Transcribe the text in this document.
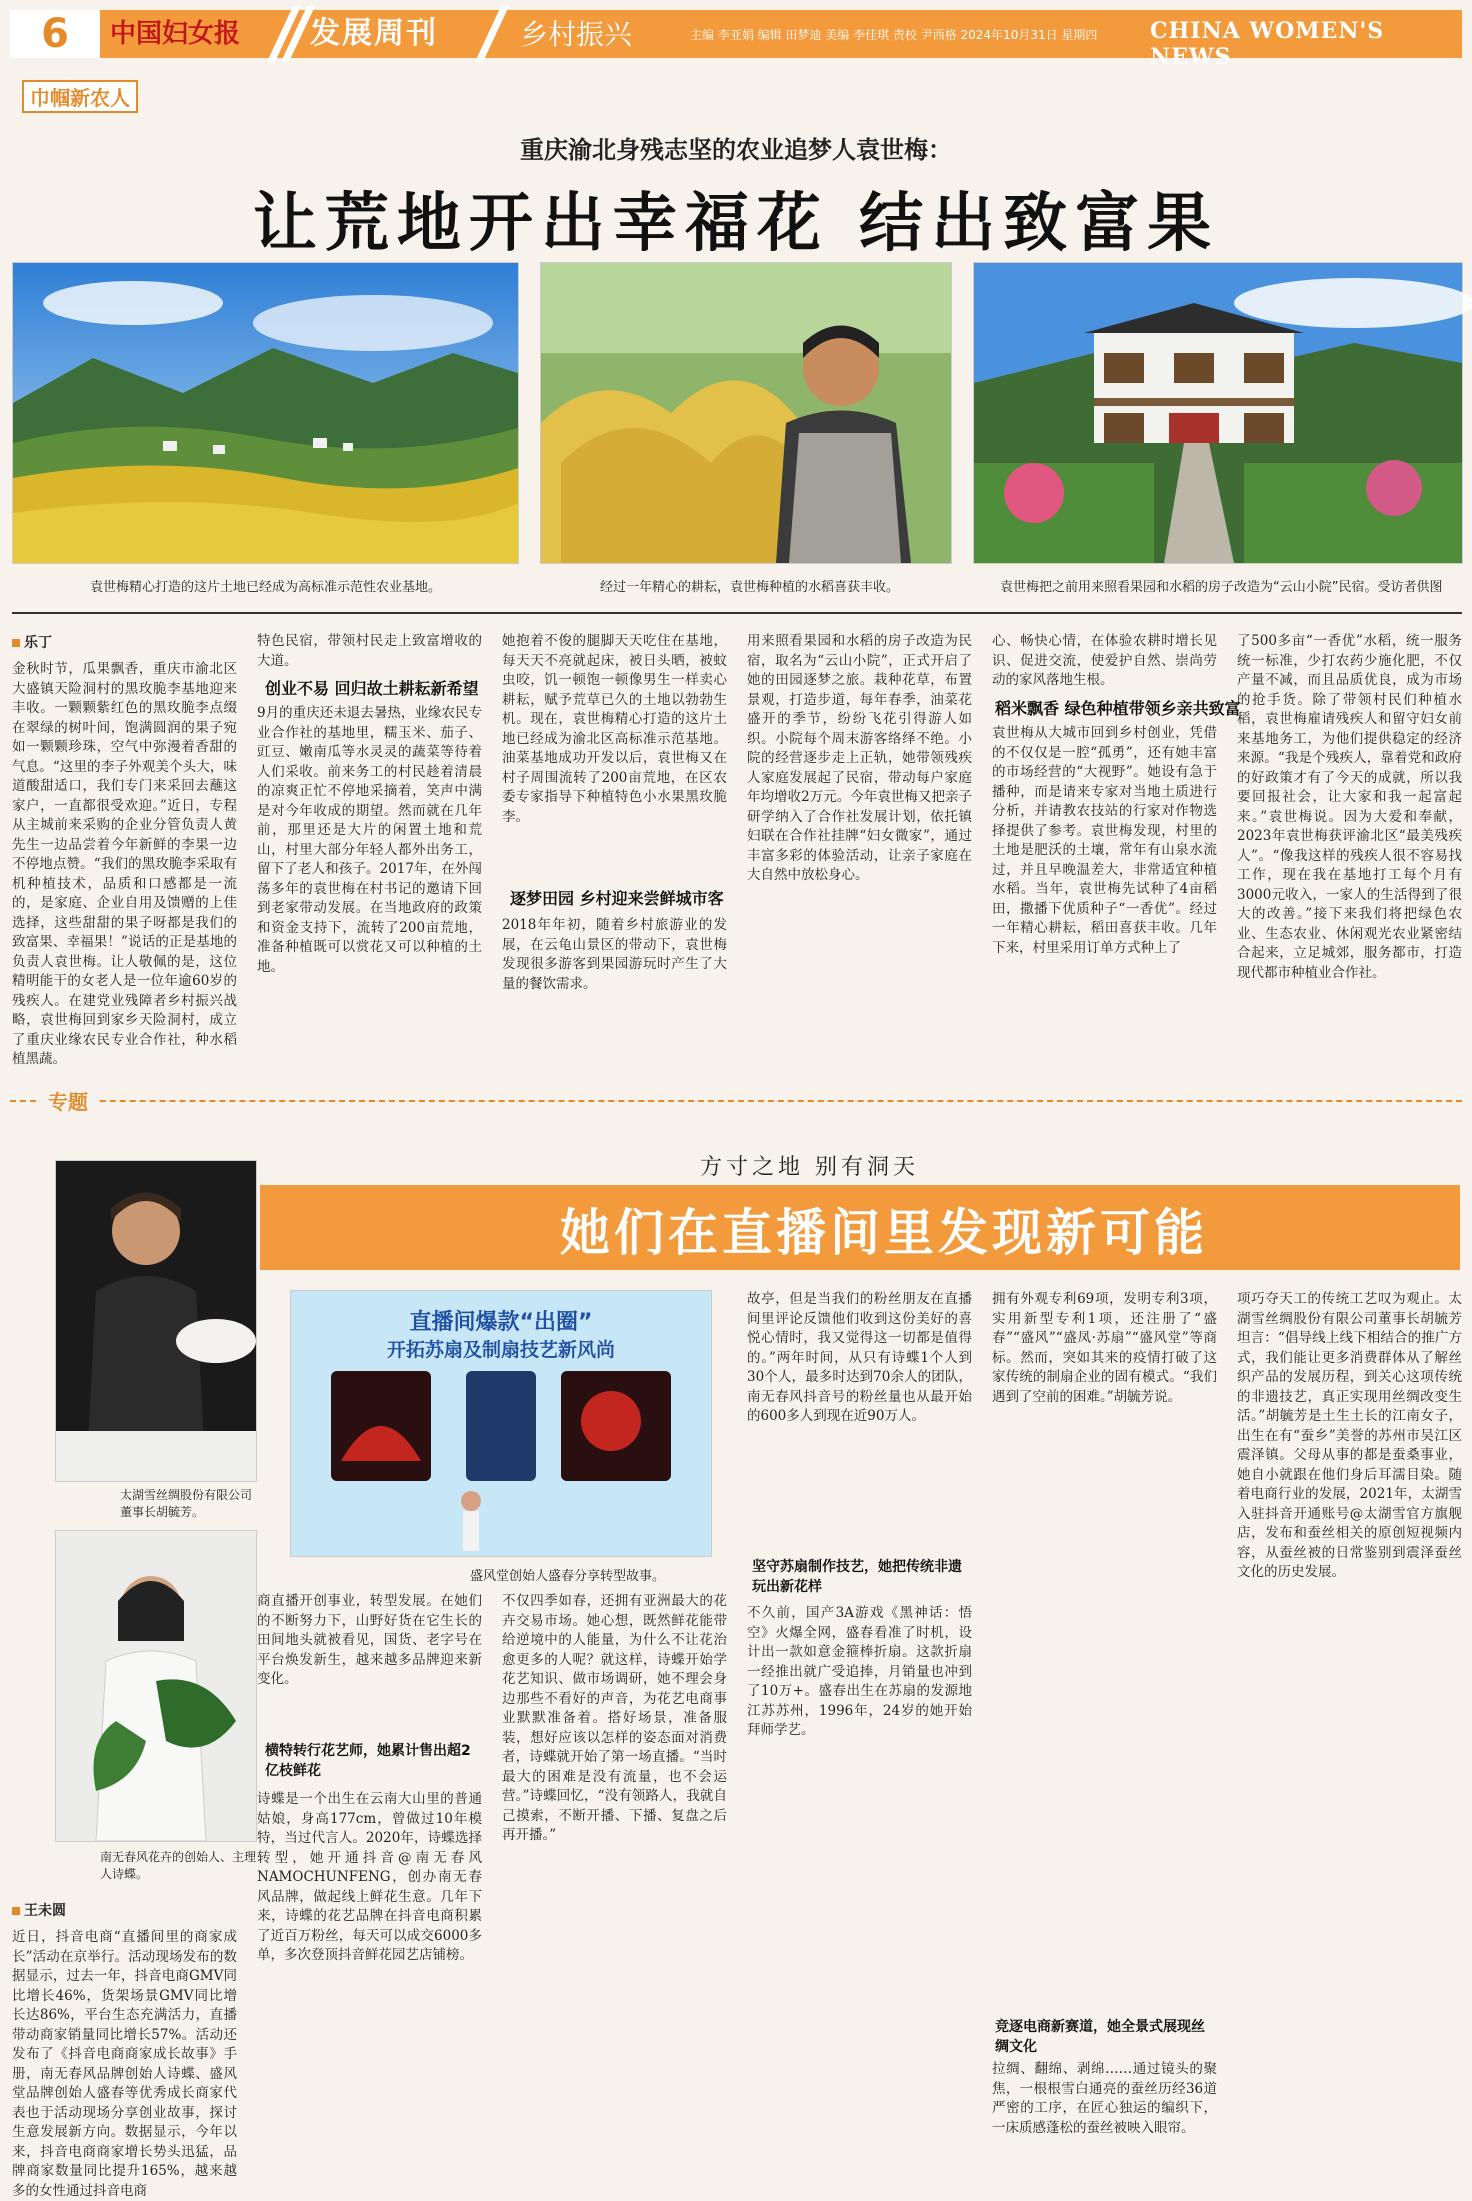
6	中国妇女报 发展周刊	乡村振兴	主编 李亚娟 编辑 田梦迪 美编 李佳琪 责校 尹西格 2024年10月31日 星期四 CHINA WOMEN'S NEWS
巾帼新农人
重庆渝北身残志坚的农业追梦人袁世梅：
让荒地开出幸福花 结出致富果
袁世梅精心打造的这片土地已经成为高标准示范性农业基地。	经过一年精心的耕耘，袁世梅种植的水稻喜获丰收。	袁世梅把之前用来照看果园和水稻的房子改造为“云山小院”民宿。受访者供图
乐丁
金秋时节，瓜果飘香，重庆市渝北区大盛镇天险洞村的黑玫脆李基地迎来丰收。一颗颗紫红色的黑玫脆李点缀在翠绿的树叶间，饱满圆润的果子宛如一颗颗珍珠，空气中弥漫着香甜的气息。“这里的李子外观美个头大，味道酸甜适口，我们专门来采回去蘸这家户，一直都很受欢迎。”近日，专程从主城前来采购的企业分管负责人黄先生一边品尝着今年新鲜的李果一边不停地点赞。“我们的黑玫脆李采取有机种植技术，品质和口感都是一流的，是家庭、企业自用及馈赠的上佳选择，这些甜甜的果子呀都是我们的致富果、幸福果！”说话的正是基地的负责人袁世梅。让人敬佩的是，这位精明能干的女老人是一位年逾60岁的残疾人。在建党业残障者乡村振兴战略，袁世梅回到家乡天险洞村，成立了重庆业缘农民专业合作社，种水稻植黑蔬。
特色民宿，带领村民走上致富增收的大道。
创业不易 回归故土耕耘新希望
9月的重庆还未退去暑热，业缘农民专业合作社的基地里，糯玉米、茄子、豇豆、嫩南瓜等水灵灵的蔬菜等待着人们采收。前来务工的村民趁着清晨的凉爽正忙不停地采摘着，笑声中满是对今年收成的期望。然而就在几年前，那里还是大片的闲置土地和荒山，村里大部分年轻人都外出务工，留下了老人和孩子。2017年，在外闯荡多年的袁世梅在村书记的邀请下回到老家带动发展。在当地政府的政策和资金支持下，流转了200亩荒地，准备种植既可以赏花又可以种植的土地。
她抱着不俊的腿脚天天吃住在基地，每天天不亮就起床，被日头晒，被蚊虫咬，饥一顿饱一顿像男生一样卖心耕耘，赋予荒草已久的土地以勃勃生机。现在，袁世梅精心打造的这片土地已经成为渝北区高标准示范基地。油菜基地成功开发以后，袁世梅又在村子周围流转了200亩荒地，在区农委专家指导下种植特色小水果黑玫脆李。
逐梦田园 乡村迎来尝鲜城市客
2018年年初，随着乡村旅游业的发展，在云龟山景区的带动下，袁世梅发现很多游客到果园游玩时产生了大量的餐饮需求。
用来照看果园和水稻的房子改造为民宿，取名为“云山小院”，正式开启了她的田园逐梦之旅。栽种花草，布置景观，打造步道，每年春季，油菜花盛开的季节，纷纷飞花引得游人如织。小院每个周末游客络绎不绝。小院的经营逐步走上正轨，她带领残疾人家庭发展起了民宿，带动每户家庭年均增收2万元。今年袁世梅又把亲子研学纳入了合作社发展计划，依托镇妇联在合作社挂牌“妇女微家”，通过丰富多彩的体验活动，让亲子家庭在大自然中放松身心。
心、畅快心情，在体验农耕时增长见识、促进交流，使爱护自然、崇尚劳动的家风落地生根。
稻米飘香 绿色种植带领乡亲共致富
袁世梅从大城市回到乡村创业，凭借的不仅仅是一腔“孤勇”，还有她丰富的市场经营的“大视野”。她设有急于播种，而是请来专家对当地土质进行分析，并请教农技站的行家对作物选择提供了参考。袁世梅发现，村里的土地是肥沃的土壤，常年有山泉水流过，并且早晚温差大，非常适宜种植水稻。当年，袁世梅先试种了4亩稻田，撒播下优质种子“一香优”。经过一年精心耕耘，稻田喜获丰收。几年下来，村里采用订单方式种上了
了500多亩“一香优”水稻，统一服务统一标准，少打农药少施化肥，不仅产量不减，而且品质优良，成为市场的抢手货。除了带领村民们种植水稻，袁世梅雇请残疾人和留守妇女前来基地务工，为他们提供稳定的经济来源。“我是个残疾人，靠着党和政府的好政策才有了今天的成就，所以我要回报社会，让大家和我一起富起来。”袁世梅说。因为大爱和奉献，2023年袁世梅获评渝北区“最美残疾人”。“像我这样的残疾人很不容易找工作，现在我在基地打工每个月有3000元收入，一家人的生活得到了很大的改善。”接下来我们将把绿色农业、生态农业、休闲观光农业紧密结合起来，立足城郊，服务都市，打造现代都市种植业合作社。
专题
方寸之地 别有洞天
她们在直播间里发现新可能
太湖雪丝绸股份有限公司董事长胡毓芳。
南无春风花卉的创始人、主理人诗蝶。
直播间爆款“出圈”
开拓苏扇及制扇技艺新风尚
盛风堂创始人盛春分享转型故事。
王未圆
近日，抖音电商“直播间里的商家成长”活动在京举行。活动现场发布的数据显示，过去一年，抖音电商GMV同比增长46%，货架场景GMV同比增长达86%，平台生态充满活力，直播带动商家销量同比增长57%。活动还发布了《抖音电商商家成长故事》手册，南无春风品牌创始人诗蝶、盛风堂品牌创始人盛春等优秀成长商家代表也于活动现场分享创业故事，探讨生意发展新方向。数据显示，今年以来，抖音电商商家增长势头迅猛，品牌商家数量同比提升165%，越来越多的女性通过抖音电商
商直播开创事业，转型发展。在她们的不断努力下，山野好货在它生长的田间地头就被看见，国货、老字号在平台焕发新生，越来越多品牌迎来新变化。
横特转行花艺师，她累计售出超2亿枝鲜花
诗蝶是一个出生在云南大山里的普通姑娘，身高177cm，曾做过10年模特，当过代言人。2020年，诗蝶选择转型，她开通抖音@南无春风NAMOCHUNFENG，创办南无春风品牌，做起线上鲜花生意。几年下来，诗蝶的花艺品牌在抖音电商积累了近百万粉丝，每天可以成交6000多单，多次登顶抖音鲜花园艺店铺榜。
不仅四季如春，还拥有亚洲最大的花卉交易市场。她心想，既然鲜花能带给逆境中的人能量，为什么不让花治愈更多的人呢？就这样，诗蝶开始学花艺知识、做市场调研，她不理会身边那些不看好的声音，为花艺电商事业默默准备着。搭好场景，准备服装，想好应该以怎样的姿态面对消费者，诗蝶就开始了第一场直播。“当时最大的困难是没有流量，也不会运营。”诗蝶回忆，“没有领路人，我就自己摸索，不断开播、下播、复盘之后再开播。”
故亭，但是当我们的粉丝朋友在直播间里评论反馈他们收到这份美好的喜悦心情时，我又觉得这一切都是值得的。”两年时间，从只有诗蝶1个人到30个人，最多时达到70余人的团队，南无春风抖音号的粉丝量也从最开始的600多人到现在近90万人。
坚守苏扇制作技艺，她把传统非遗玩出新花样
不久前，国产3A游戏《黑神话：悟空》火爆全网，盛春看准了时机，设计出一款如意金箍棒折扇。这款折扇一经推出就广受追捧，月销量也冲到了10万+。盛春出生在苏扇的发源地江苏苏州，1996年，24岁的她开始拜师学艺。
拥有外观专利69项，发明专利3项，实用新型专利1项，还注册了“盛春”“盛风”“盛凤·苏扇”“盛风堂”等商标。然而，突如其来的疫情打破了这家传统的制扇企业的固有模式。“我们遇到了空前的困难。”胡毓芳说。
竞逐电商新赛道，她全景式展现丝绸文化
拉绸、翻绵、剥绵……通过镜头的聚焦，一根根雪白通亮的蚕丝历经36道严密的工序，在匠心独运的编织下，一床质感蓬松的蚕丝被映入眼帘。
项巧夺天工的传统工艺叹为观止。太湖雪丝绸股份有限公司董事长胡毓芳坦言：“倡导线上线下相结合的推广方式，我们能让更多消费群体从了解丝织产品的发展历程，到关心这项传统的非遗技艺，真正实现用丝绸改变生活。”胡毓芳是土生土长的江南女子，出生在有“蚕乡”美誉的苏州市吴江区震泽镇。父母从事的都是蚕桑事业，她自小就跟在他们身后耳濡目染。随着电商行业的发展，2021年，太湖雪入驻抖音开通账号@太湖雪官方旗舰店，发布和蚕丝相关的原创短视频内容，从蚕丝被的日常鉴别到震泽蚕丝文化的历史发展。
